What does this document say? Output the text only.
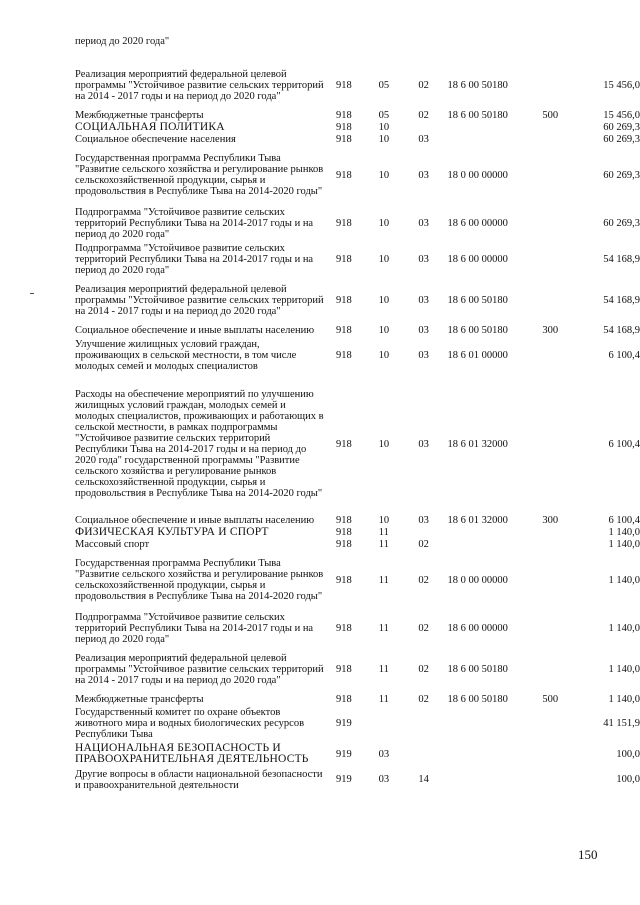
период до 2020 года"
Реализация мероприятий федеральной целевой программы "Устойчивое развитие сельских территорий на 2014 - 2017 годы и на период до 2020 года"	918	05	02	18 6 00 50180		15 456,0
Межбюджетные трансферты	918	05	02	18 6 00 50180	500	15 456,0
СОЦИАЛЬНАЯ ПОЛИТИКА	918	10				60 269,3
Социальное обеспечение населения	918	10	03			60 269,3
Государственная программа Республики Тыва "Развитие сельского хозяйства и регулирование рынков сельскохозяйственной продукции, сырья и продовольствия в Республике Тыва на 2014-2020 годы"	918	10	03	18 0 00 00000		60 269,3
Подпрограмма "Устойчивое развитие сельских территорий Республики Тыва на 2014-2017 годы и на период до 2020 года"	918	10	03	18 6 00 00000		60 269,3
Подпрограмма "Устойчивое развитие сельских территорий Республики Тыва на 2014-2017 годы и на период до 2020 года"	918	10	03	18 6 00 00000		54 168,9
Реализация мероприятий федеральной целевой программы "Устойчивое развитие сельских территорий на 2014 - 2017 годы и на период до 2020 года"	918	10	03	18 6 00 50180		54 168,9
Социальное обеспечение и иные выплаты населению	918	10	03	18 6 00 50180	300	54 168,9
Улучшение жилищных условий граждан, проживающих в сельской местности, в том числе молодых семей и молодых специалистов	918	10	03	18 6 01 00000		6 100,4
Расходы на обеспечение мероприятий по улучшению жилищных условий граждан, молодых семей и молодых специалистов, проживающих и работающих в сельской местности, в рамках подпрограммы "Устойчивое развитие сельских территорий Республики Тыва на 2014-2017 годы и на период до 2020 года" государственной программы "Развитие сельского хозяйства и регулирование рынков сельскохозяйственной продукции, сырья и продовольствия в Республике Тыва на 2014-2020 годы"	918	10	03	18 6 01 32000		6 100,4
Социальное обеспечение и иные выплаты населению	918	10	03	18 6 01 32000	300	6 100,4
ФИЗИЧЕСКАЯ КУЛЬТУРА И СПОРТ	918	11				1 140,0
Массовый спорт	918	11	02			1 140,0
Государственная программа Республики Тыва "Развитие сельского хозяйства и регулирование рынков сельскохозяйственной продукции, сырья и продовольствия в Республике Тыва на 2014-2020 годы"	918	11	02	18 0 00 00000		1 140,0
Подпрограмма "Устойчивое развитие сельских территорий Республики Тыва на 2014-2017 годы и на период до 2020 года"	918	11	02	18 6 00 00000		1 140,0
Реализация мероприятий федеральной целевой программы "Устойчивое развитие сельских территорий на 2014 - 2017 годы и на период до 2020 года"	918	11	02	18 6 00 50180		1 140,0
Межбюджетные трансферты	918	11	02	18 6 00 50180	500	1 140,0
Государственный комитет по охране объектов животного мира и водных биологических ресурсов Республики Тыва	919					41 151,9
НАЦИОНАЛЬНАЯ БЕЗОПАСНОСТЬ И ПРАВООХРАНИТЕЛЬНАЯ ДЕЯТЕЛЬНОСТЬ	919	03				100,0
Другие вопросы в области национальной безопасности и правоохранительной деятельности	919	03	14			100,0
150
